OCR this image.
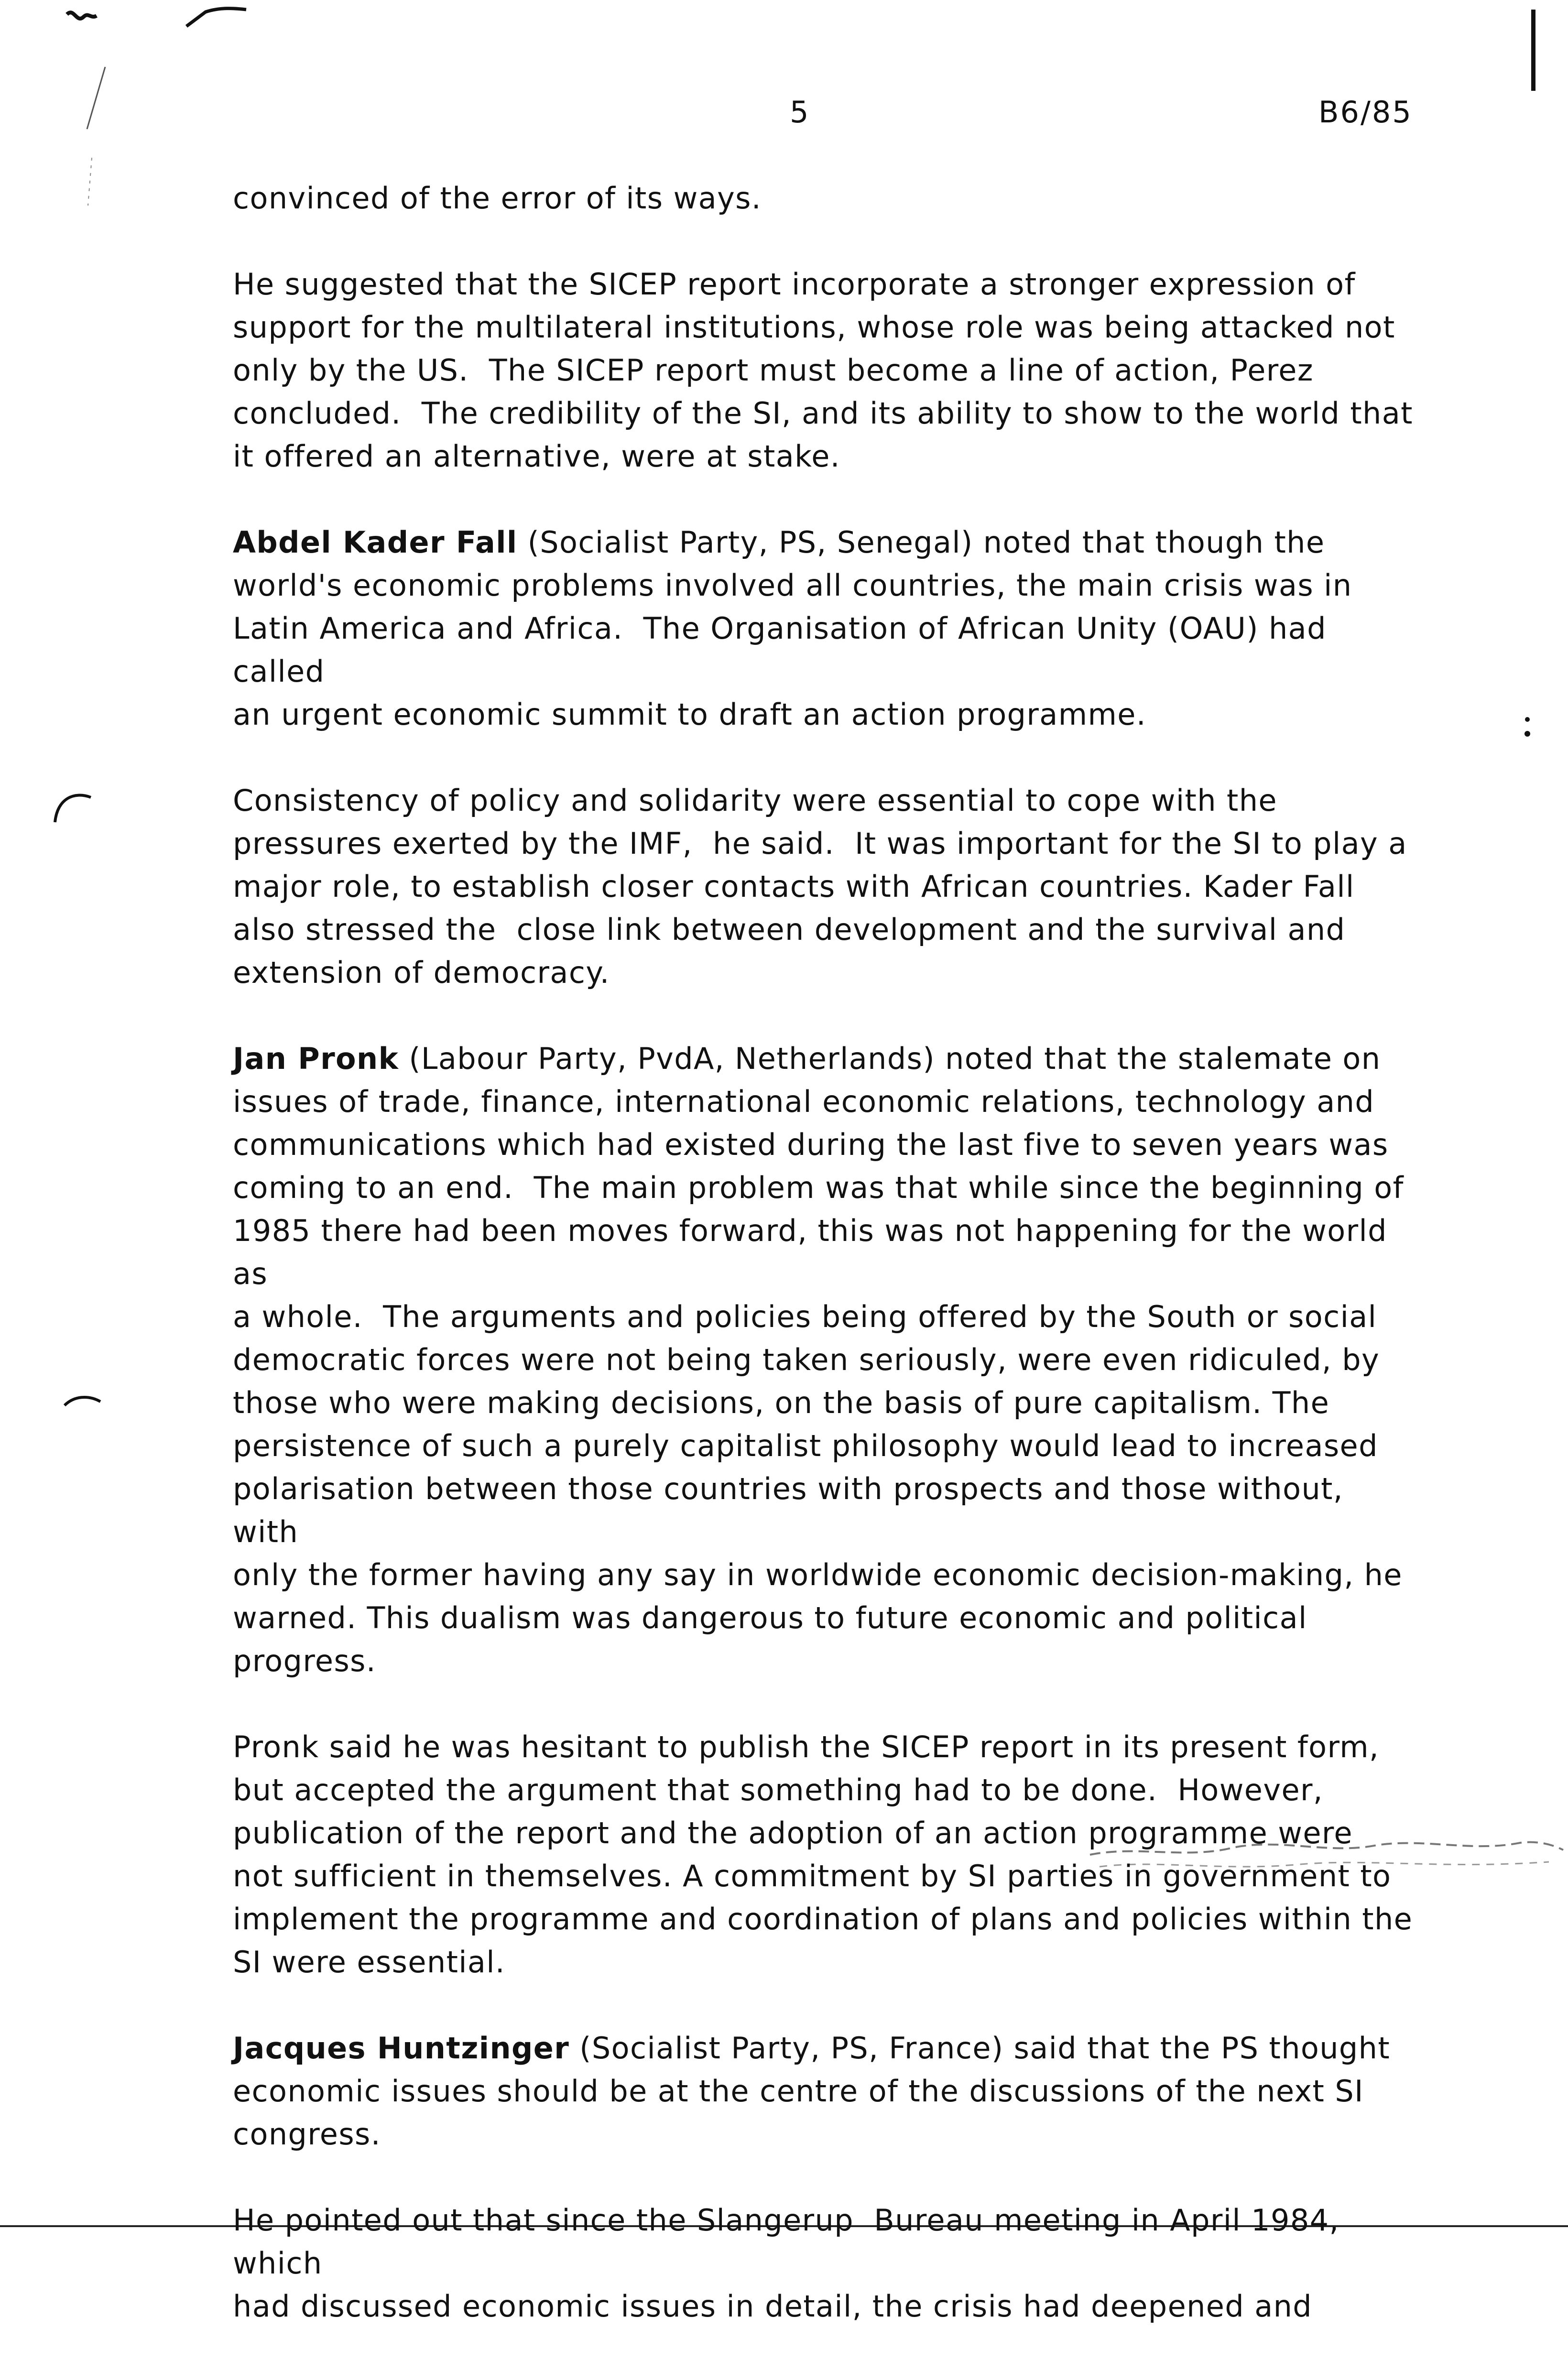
5	B6/85

convinced of the error of its ways.

He suggested that the SICEP report incorporate a stronger expression of
support for the multilateral institutions, whose role was being attacked not
only by the US.  The SICEP report must become a line of action, Perez
concluded.  The credibility of the SI, and its ability to show to the world that
it offered an alternative, were at stake.

Abdel Kader Fall (Socialist Party, PS, Senegal) noted that though the
world's economic problems involved all countries, the main crisis was in
Latin America and Africa.  The Organisation of African Unity (OAU) had called
an urgent economic summit to draft an action programme.

Consistency of policy and solidarity were essential to cope with the
pressures exerted by the IMF,  he said.  It was important for the SI to play a
major role, to establish closer contacts with African countries. Kader Fall
also stressed the  close link between development and the survival and
extension of democracy.

Jan Pronk (Labour Party, PvdA, Netherlands) noted that the stalemate on
issues of trade, finance, international economic relations, technology and
communications which had existed during the last five to seven years was
coming to an end.  The main problem was that while since the beginning of
1985 there had been moves forward, this was not happening for the world as
a whole.  The arguments and policies being offered by the South or social
democratic forces were not being taken seriously, were even ridiculed, by
those who were making decisions, on the basis of pure capitalism. The
persistence of such a purely capitalist philosophy would lead to increased
polarisation between those countries with prospects and those without, with
only the former having any say in worldwide economic decision-making, he
warned. This dualism was dangerous to future economic and political
progress.

Pronk said he was hesitant to publish the SICEP report in its present form,
but accepted the argument that something had to be done.  However,
publication of the report and the adoption of an action programme were
not sufficient in themselves. A commitment by SI parties in government to
implement the programme and coordination of plans and policies within the
SI were essential.

Jacques Huntzinger (Socialist Party, PS, France) said that the PS thought
economic issues should be at the centre of the discussions of the next SI
congress.

He pointed out that since the Slangerup  Bureau meeting in April 1984, which
had discussed economic issues in detail, the crisis had deepened and
